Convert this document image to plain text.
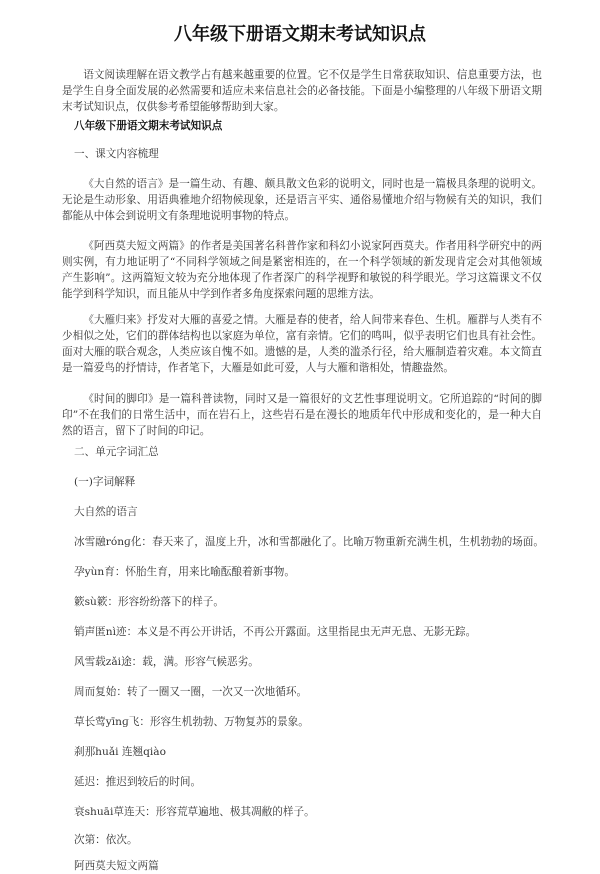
八年级下册语文期末考试知识点
语文阅读理解在语文教学占有越来越重要的位置。它不仅是学生日常获取知识、信息重要方法，也是学生自身全面发展的必然需要和适应未来信息社会的必备技能。下面是小编整理的八年级下册语文期末考试知识点，仅供参考希望能够帮助到大家。
八年级下册语文期末考试知识点
一、课文内容梳理
《大自然的语言》是一篇生动、有趣、颇具散文色彩的说明文，同时也是一篇极具条理的说明文。无论是生动形象、用语典雅地介绍物候现象，还是语言平实、通俗易懂地介绍与物候有关的知识，我们都能从中体会到说明文有条理地说明事物的特点。
《阿西莫夫短文两篇》的作者是美国著名科普作家和科幻小说家阿西莫夫。作者用科学研究中的两则实例，有力地证明了“不同科学领域之间是紧密相连的，在一个科学领域的新发现肯定会对其他领域产生影响”。这两篇短文较为充分地体现了作者深广的科学视野和敏锐的科学眼光。学习这篇课文不仅能学到科学知识，而且能从中学到作者多角度探索问题的思维方法。
《大雁归来》抒发对大雁的喜爱之情。大雁是春的使者，给人间带来春色、生机。雁群与人类有不少相似之处，它们的群体结构也以家庭为单位，富有亲情。它们的鸣叫，似乎表明它们也具有社会性。面对大雁的联合观念，人类应该自愧不如。遗憾的是，人类的滥杀行径，给大雁制造着灾难。本文简直是一篇爱鸟的抒情诗，作者笔下，大雁是如此可爱，人与大雁和谐相处，情趣盎然。
《时间的脚印》是一篇科普读物，同时又是一篇很好的文艺性事理说明文。它所追踪的“时间的脚印”不在我们的日常生活中，而在岩石上，这些岩石是在漫长的地质年代中形成和变化的，是一种大自然的语言，留下了时间的印记。
二、单元字词汇总
(一)字词解释
大自然的语言
冰雪融rónɡ化：春天来了，温度上升，冰和雪都融化了。比喻万物重新充满生机，生机勃勃的场面。
孕yùn育：怀胎生育，用来比喻酝酿着新事物。
簌sù簌：形容纷纷落下的样子。
销声匿nì迹：本义是不再公开讲话，不再公开露面。这里指昆虫无声无息、无影无踪。
风雪载zǎi途：载，满。形容气候恶劣。
周而复始：转了一圈又一圈，一次又一次地循环。
草长莺yīnɡ飞：形容生机勃勃、万物复苏的景象。
刹那huǎi 连翘qiào
延迟：推迟到较后的时间。
衰shuāi草连天：形容荒草遍地、极其凋敝的样子。
次第：依次。
阿西莫夫短文两篇
